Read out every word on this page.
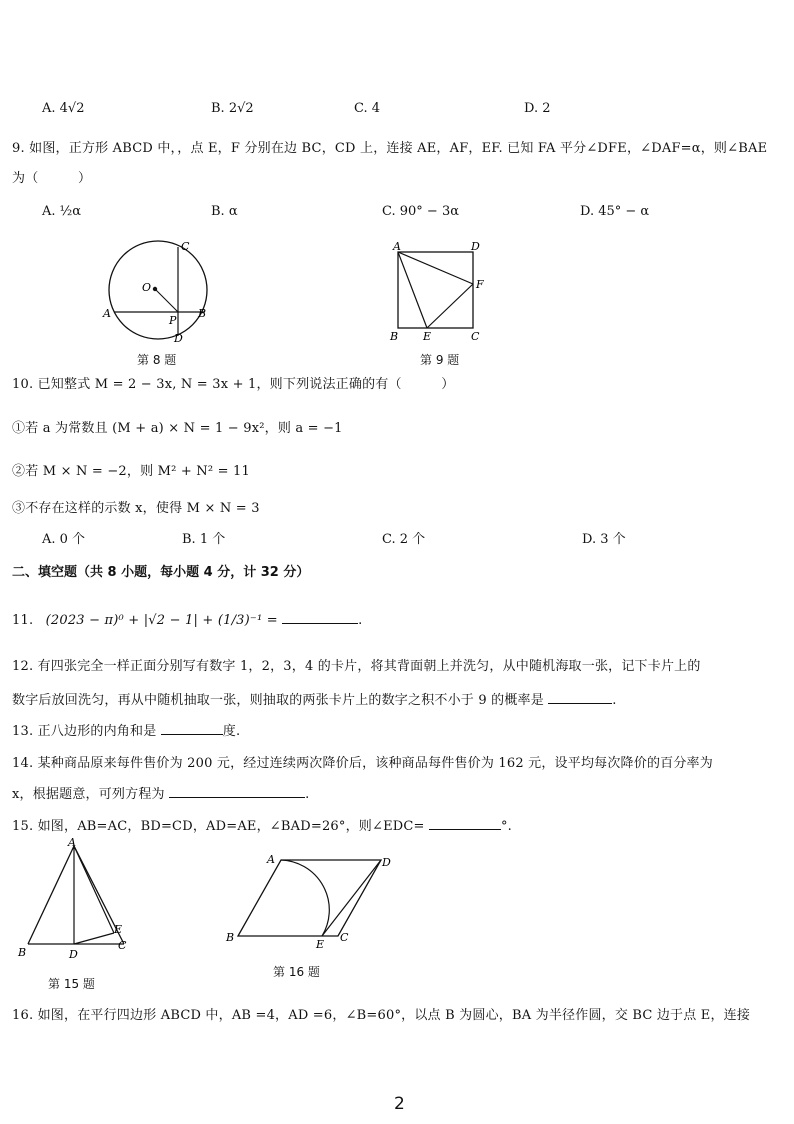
A. 4√2	B. 2√2	C. 4	D. 2
9. 如图，正方形 ABCD 中，，点 E，F 分别在边 BC，CD 上，连接 AE，AF，EF. 已知 FA 平分∠DFE，∠DAF=α，则∠BAE
为（　　　）
A. ½α	B. α	C. 90° − 3α	D. 45° − α
O
A	B
C
D
P
第 8 题
A	D
F
B E	C
第 9 题
10. 已知整式 M = 2 − 3x, N = 3x + 1，则下列说法正确的有（　　　）
①若 a 为常数且 (M + a) × N = 1 − 9x²，则 a = −1
②若 M × N = −2，则 M² + N² = 11
③不存在这样的示数 x，使得 M × N = 3
A. 0 个	B. 1 个	C. 2 个	D. 3 个
二、填空题（共 8 小题，每小题 4 分，计 32 分）
11. (2023 − π)⁰ + |√2 − 1| + (1/3)⁻¹ =	.
12. 有四张完全一样正面分别写有数字 1，2，3，4 的卡片，将其背面朝上并洗匀，从中随机海取一张，记下卡片上的
数字后放回洗匀，再从中随机抽取一张，则抽取的两张卡片上的数字之积不小于 9 的概率是	.
13. 正八边形的内角和是	度.
14. 某种商品原来每件售价为 200 元，经过连续两次降价后，该种商品每件售价为 162 元，设平均每次降价的百分率为
x，根据题意，可列方程为	.
15. 如图，AB=AC，BD=CD，AD=AE，∠BAD=26°，则∠EDC=	°.
A
B	D
E
C
第 15 题
A	D
B
E
C
第 16 题
16. 如图，在平行四边形 ABCD 中，AB =4，AD =6，∠B=60°，以点 B 为圆心，BA 为半径作圆，交 BC 边于点 E，连接
2
